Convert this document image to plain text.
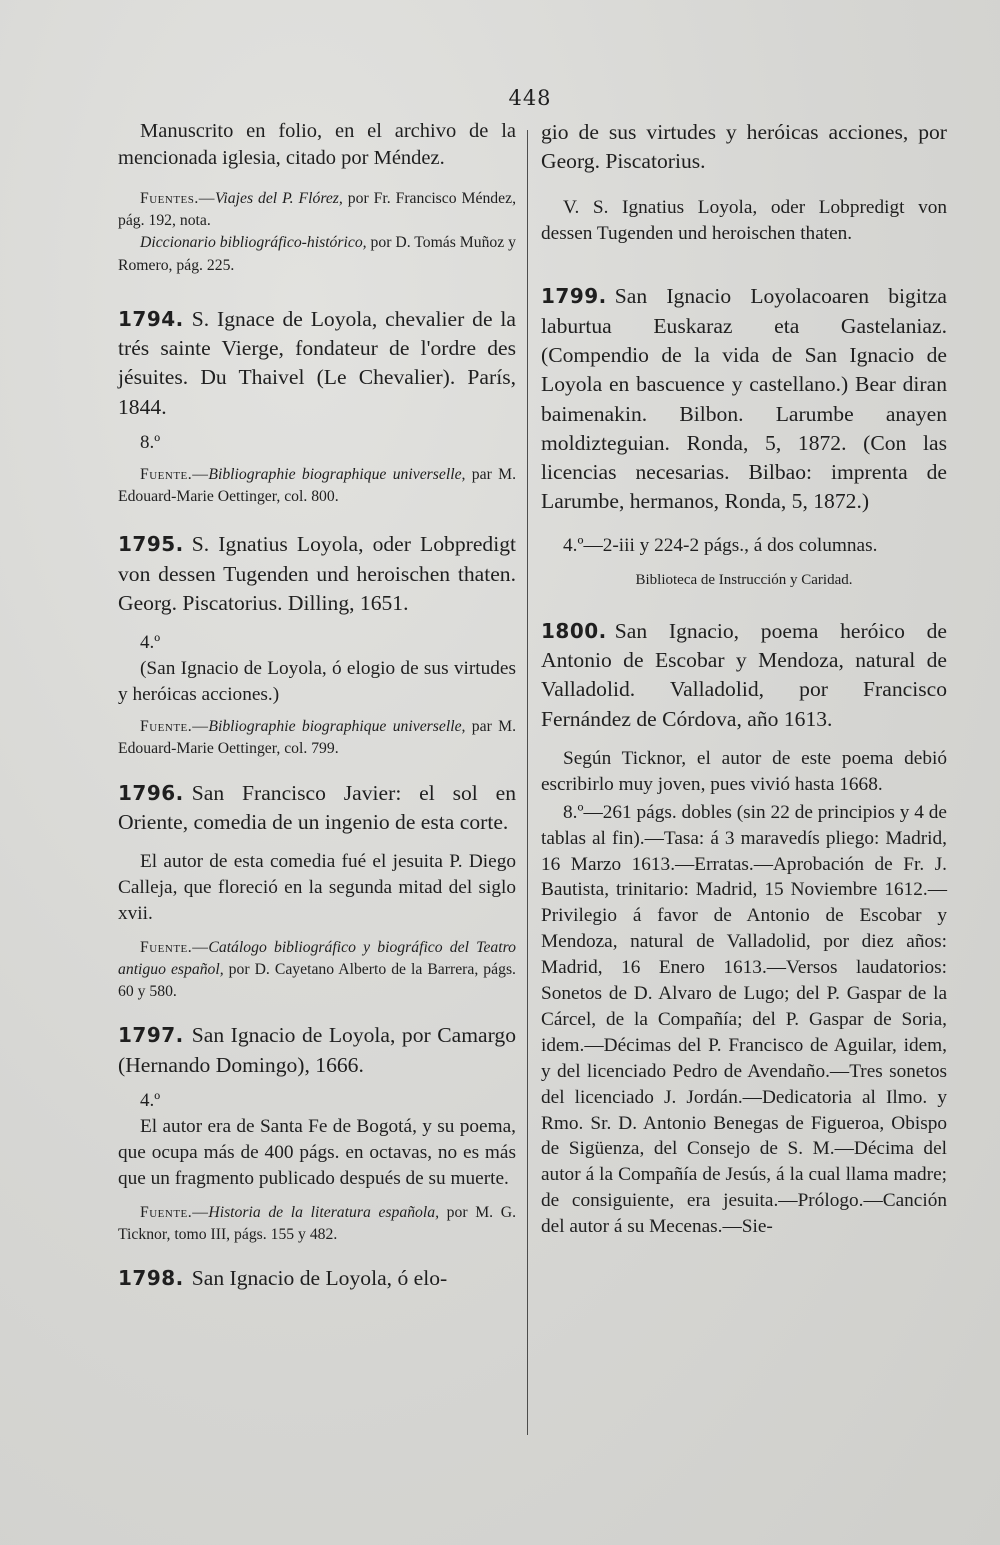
448

Manuscrito en folio, en el archivo de la mencionada iglesia, citado por Méndez.

Fuentes.—Viajes del P. Flórez, por Fr. Francisco Méndez, pág. 192, nota.
Diccionario bibliográfico-histórico, por D. Tomás Muñoz y Romero, pág. 225.

1794. S. Ignace de Loyola, chevalier de la trés sainte Vierge, fondateur de l'ordre des jésuites. Du Thaivel (Le Chevalier). París, 1844.

8.º

Fuente.—Bibliographie biographique universelle, par M. Edouard-Marie Oettinger, col. 800.

1795. S. Ignatius Loyola, oder Lobpredigt von dessen Tugenden und heroischen thaten. Georg. Piscatorius. Dilling, 1651.

4.º

(San Ignacio de Loyola, ó elogio de sus virtudes y heróicas acciones.)

Fuente.—Bibliographie biographique universelle, par M. Edouard-Marie Oettinger, col. 799.

1796. San Francisco Javier: el sol en Oriente, comedia de un ingenio de esta corte.

El autor de esta comedia fué el jesuita P. Diego Calleja, que floreció en la segunda mitad del siglo xvii.

Fuente.—Catálogo bibliográfico y biográfico del Teatro antiguo español, por D. Cayetano Alberto de la Barrera, págs. 60 y 580.

1797. San Ignacio de Loyola, por Camargo (Hernando Domingo), 1666.

4.º

El autor era de Santa Fe de Bogotá, y su poema, que ocupa más de 400 págs. en octavas, no es más que un fragmento publicado después de su muerte.

Fuente.—Historia de la literatura española, por M. G. Ticknor, tomo III, págs. 155 y 482.

1798. San Ignacio de Loyola, ó elo-

gio de sus virtudes y heróicas acciones, por Georg. Piscatorius.

V. S. Ignatius Loyola, oder Lobpredigt von dessen Tugenden und heroischen thaten.

1799. San Ignacio Loyolacoaren bigitza laburtua Euskaraz eta Gastelaniaz. (Compendio de la vida de San Ignacio de Loyola en bascuence y castellano.) Bear diran baimenakin. Bilbon. Larumbe anayen moldizteguian. Ronda, 5, 1872. (Con las licencias necesarias. Bilbao: imprenta de Larumbe, hermanos, Ronda, 5, 1872.)

4.º—2-iii y 224-2 págs., á dos columnas.

Biblioteca de Instrucción y Caridad.

1800. San Ignacio, poema heróico de Antonio de Escobar y Mendoza, natural de Valladolid. Valladolid, por Francisco Fernández de Córdova, año 1613.

Según Ticknor, el autor de este poema debió escribirlo muy joven, pues vivió hasta 1668.

8.º—261 págs. dobles (sin 22 de principios y 4 de tablas al fin).—Tasa: á 3 maravedís pliego: Madrid, 16 Marzo 1613.—Erratas.—Aprobación de Fr. J. Bautista, trinitario: Madrid, 15 Noviembre 1612.—Privilegio á favor de Antonio de Escobar y Mendoza, natural de Valladolid, por diez años: Madrid, 16 Enero 1613.—Versos laudatorios: Sonetos de D. Alvaro de Lugo; del P. Gaspar de la Cárcel, de la Compañía; del P. Gaspar de Soria, idem.—Décimas del P. Francisco de Aguilar, idem, y del licenciado Pedro de Avendaño.—Tres sonetos del licenciado J. Jordán.—Dedicatoria al Ilmo. y Rmo. Sr. D. Antonio Benegas de Figueroa, Obispo de Sigüenza, del Consejo de S. M.—Décima del autor á la Compañía de Jesús, á la cual llama madre; de consiguiente, era jesuita.—Prólogo.—Canción del autor á su Mecenas.—Sie-
